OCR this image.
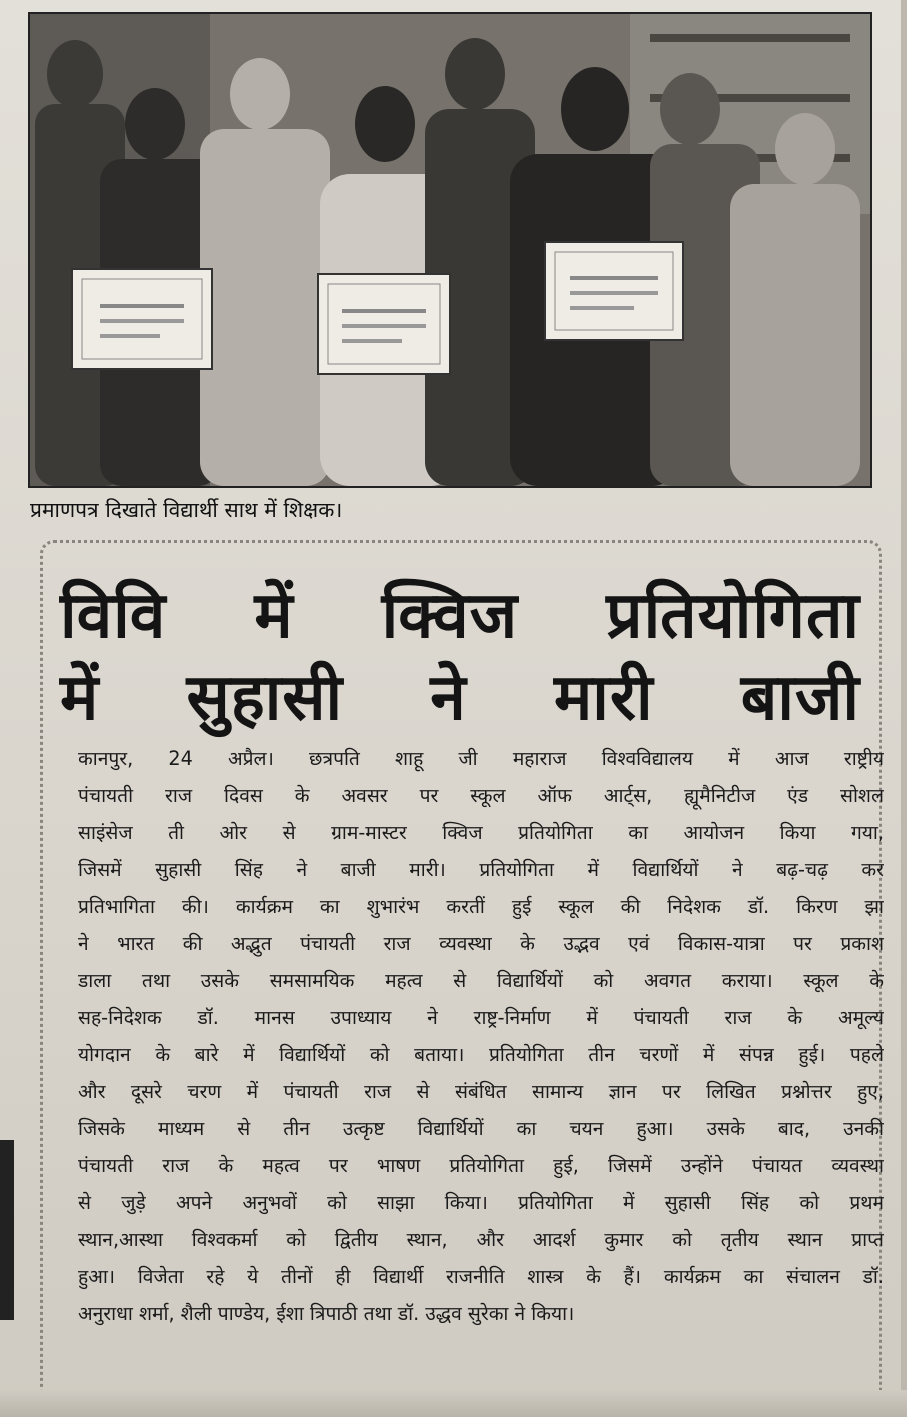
प्रमाणपत्र दिखाते विद्यार्थी साथ में शिक्षक।
विवि में क्विज प्रतियोगिता
में सुहासी ने मारी बाजी
कानपुर, 24 अप्रैल। छत्रपति शाहू जी महाराज विश्वविद्यालय में आज राष्ट्रीय
पंचायती राज दिवस के अवसर पर स्कूल ऑफ आर्ट्स, ह्यूमैनिटीज एंड सोशल
साइंसेज ती ओर से ग्राम-मास्टर क्विज प्रतियोगिता का आयोजन किया गया,
जिसमें सुहासी सिंह ने बाजी मारी। प्रतियोगिता में विद्यार्थियों ने बढ़-चढ़ कर
प्रतिभागिता की। कार्यक्रम का शुभारंभ करतीं हुई स्कूल की निदेशक डॉ. किरण झा
ने भारत की अद्भुत पंचायती राज व्यवस्था के उद्भव एवं विकास-यात्रा पर प्रकाश
डाला तथा उसके समसामयिक महत्व से विद्यार्थियों को अवगत कराया। स्कूल के
सह-निदेशक डॉ. मानस उपाध्याय ने राष्ट्र-निर्माण में पंचायती राज के अमूल्य
योगदान के बारे में विद्यार्थियों को बताया। प्रतियोगिता तीन चरणों में संपन्न हुई। पहले
और दूसरे चरण में पंचायती राज से संबंधित सामान्य ज्ञान पर लिखित प्रश्नोत्तर हुए,
जिसके माध्यम से तीन उत्कृष्ट विद्यार्थियों का चयन हुआ। उसके बाद, उनकी
पंचायती राज के महत्व पर भाषण प्रतियोगिता हुई, जिसमें उन्होंने पंचायत व्यवस्था
से जुड़े अपने अनुभवों को साझा किया। प्रतियोगिता में सुहासी सिंह को प्रथम
स्थान,आस्था विश्वकर्मा को द्वितीय स्थान, और आदर्श कुमार को तृतीय स्थान प्राप्त
हुआ। विजेता रहे ये तीनों ही विद्यार्थी राजनीति शास्त्र के हैं। कार्यक्रम का संचालन डॉ.
अनुराधा शर्मा, शैली पाण्डेय, ईशा त्रिपाठी तथा डॉ. उद्धव सुरेका ने किया।
